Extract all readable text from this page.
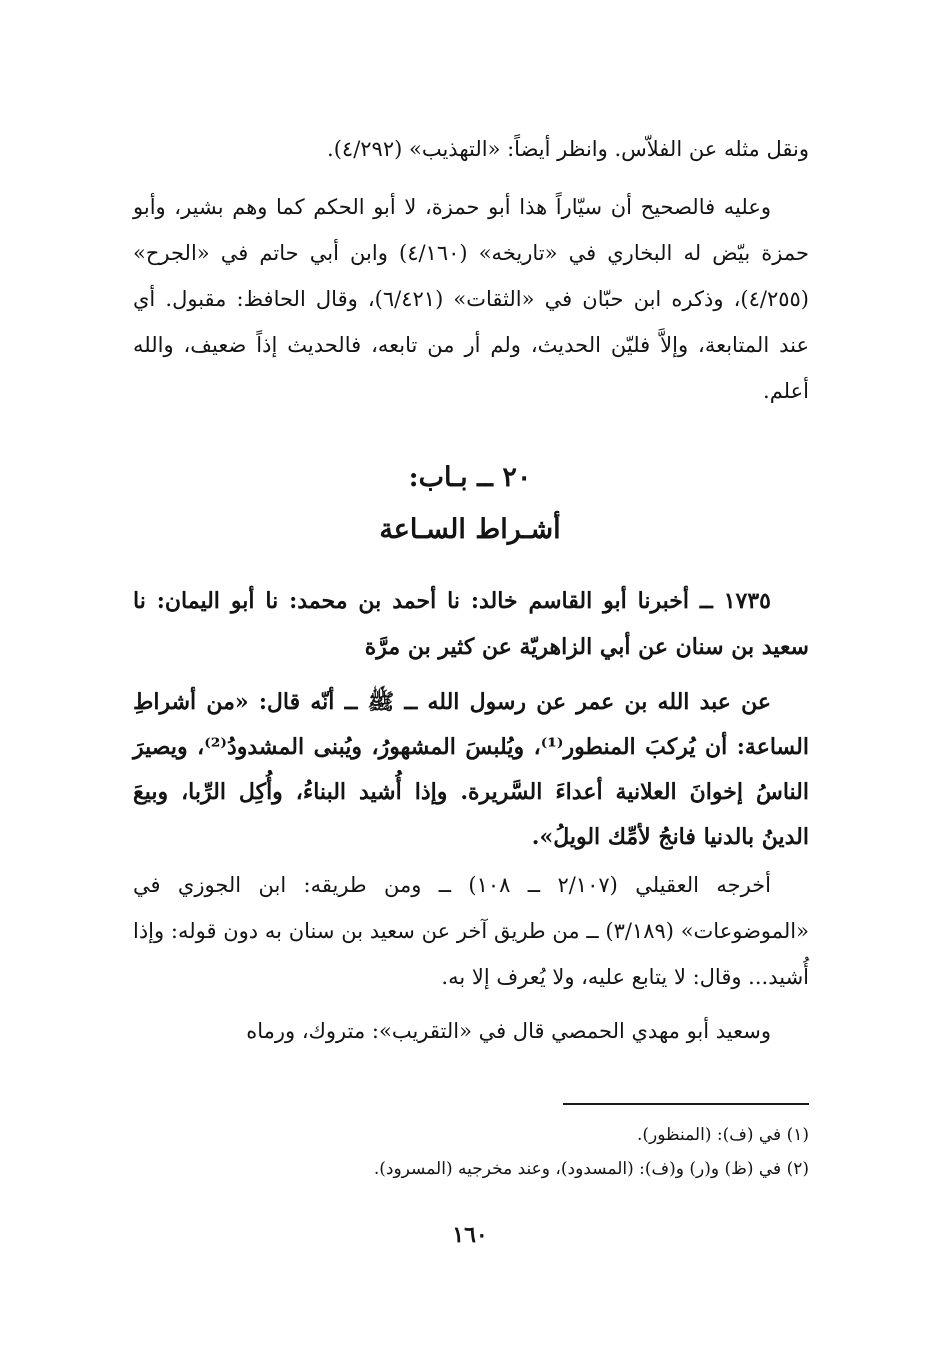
ونقل مثله عن الفلاّس. وانظر أيضاً: «التهذيب» (٤/٢٩٢).

وعليه فالصحيح أن سيّاراً هذا أبو حمزة، لا أبو الحكم كما وهم بشير، وأبو حمزة بيّض له البخاري في «تاريخه» (٤/١٦٠) وابن أبي حاتم في «الجرح» (٤/٢٥٥)، وذكره ابن حبّان في «الثقات» (٦/٤٢١)، وقال الحافظ: مقبول. أي عند المتابعة، وإلاَّ فليّن الحديث، ولم أر من تابعه، فالحديث إذاً ضعيف، والله أعلم.

٢٠ ــ بـاب:
أشـراط السـاعة

١٧٣٥ ــ أخبرنا أبو القاسم خالد: نا أحمد بن محمد: نا أبو اليمان: نا سعيد بن سنان عن أبي الزاهريّة عن كثير بن مرَّة

عن عبد الله بن عمر عن رسول الله ــ ﷺ ــ أنّه قال: «من أشراطِ الساعة: أن يُركبَ المنطور⁽¹⁾، ويُلبسَ المشهورُ، ويُبنى المشدودُ⁽²⁾، ويصيرَ الناسُ إخوانَ العلانية أعداءَ السَّريرة. وإذا أُشيد البناءُ، وأُكِل الرِّبا، وبيعَ الدينُ بالدنيا فانجُ لأمِّك الويلُ».

أخرجه العقيلي (٢/١٠٧ ــ ١٠٨) ــ ومن طريقه: ابن الجوزي في «الموضوعات» (٣/١٨٩) ــ من طريق آخر عن سعيد بن سنان به دون قوله: وإذا أُشيد... وقال: لا يتابع عليه، ولا يُعرف إلا به.

وسعيد أبو مهدي الحمصي قال في «التقريب»: متروك، ورماه

(١) في (ف): (المنظور).

(٢) في (ظ) و(ر) و(ف): (المسدود)، وعند مخرجيه (المسرود).

١٦٠
